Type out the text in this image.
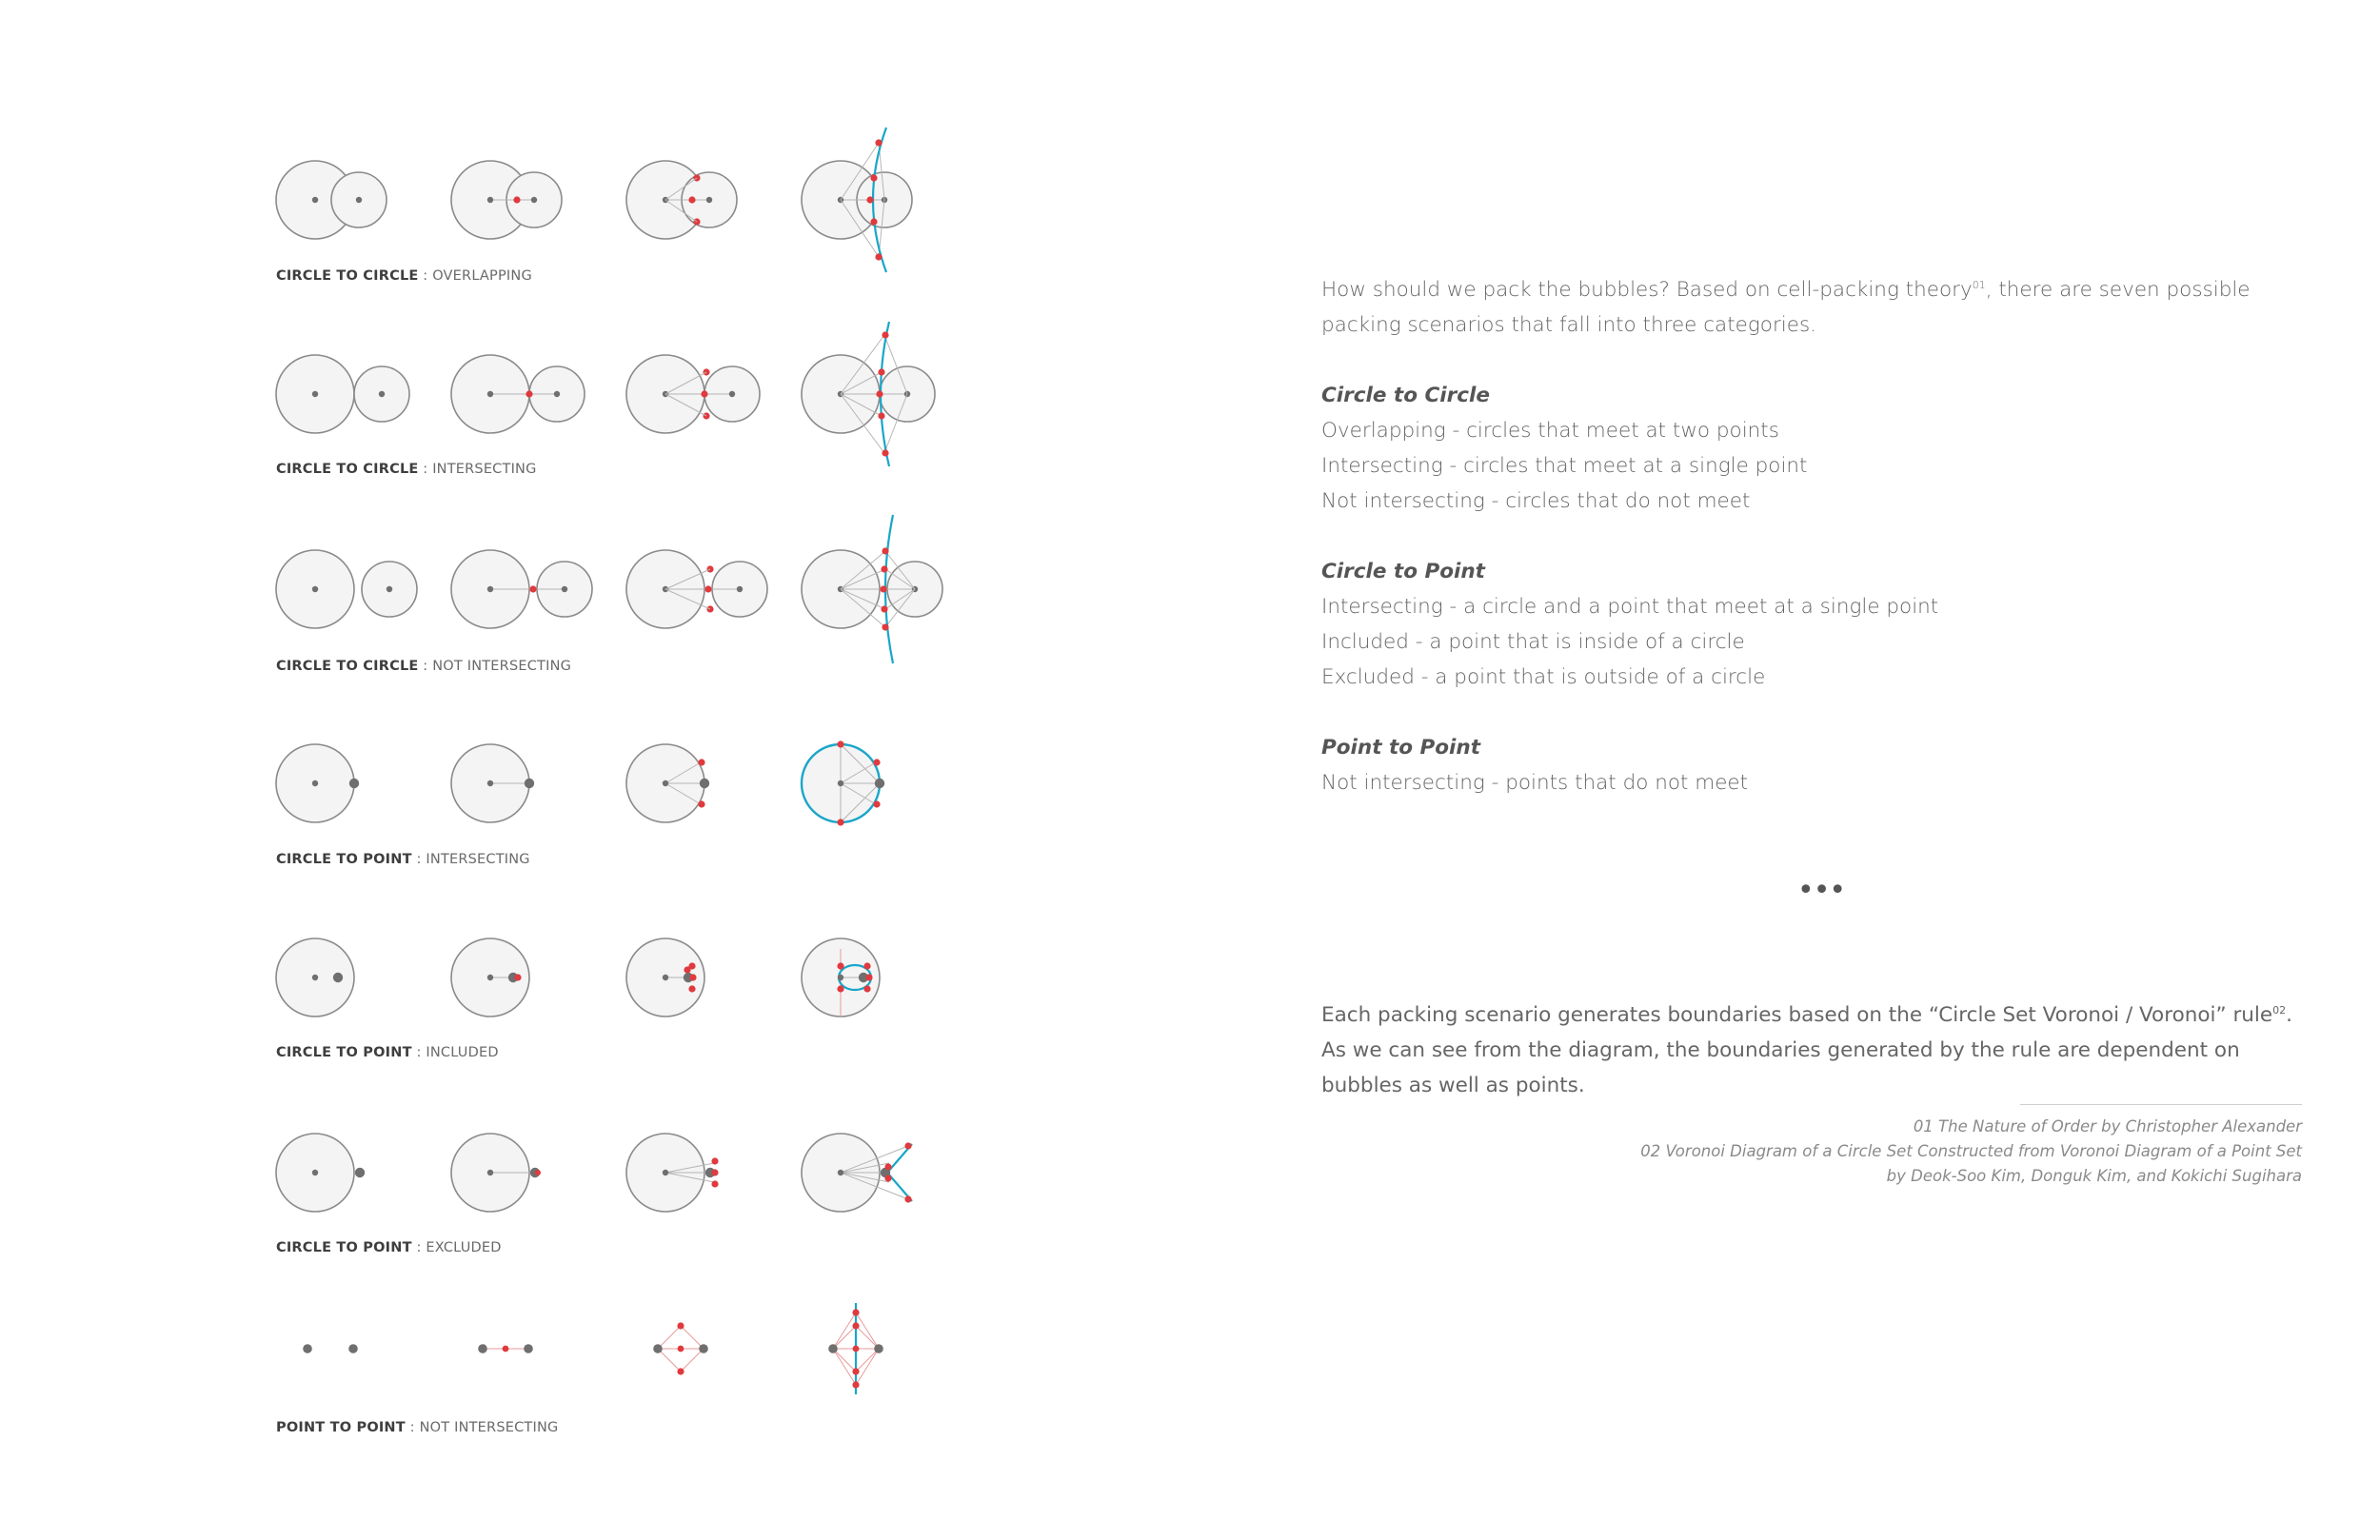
CIRCLE TO CIRCLE : OVERLAPPING
CIRCLE TO CIRCLE : INTERSECTING
CIRCLE TO CIRCLE : NOT INTERSECTING
CIRCLE TO POINT : INTERSECTING
CIRCLE TO POINT : INCLUDED
CIRCLE TO POINT : EXCLUDED
POINT TO POINT : NOT INTERSECTING

How should we pack the bubbles? Based on cell-packing theory$^{01}$, there are seven possible packing scenarios that fall into three categories.

Circle to Circle

Overlapping - circles that meet at two points

Intersecting - circles that meet at a single point

Not intersecting - circles that do not meet

Circle to Point

Intersecting - a circle and a point that meet at a single point

Included - a point that is inside of a circle

Excluded - a point that is outside of a circle

Point to Point

Not intersecting - points that do not meet

•••

Each packing scenario generates boundaries based on the “Circle Set Voronoi / Voronoi” rule$^{02}$. As we can see from the diagram, the boundaries generated by the rule are dependent on bubbles as well as points.

01 The Nature of Order by Christopher Alexander

02 Voronoi Diagram of a Circle Set Constructed from Voronoi Diagram of a Point Set

by Deok-Soo Kim, Donguk Kim, and Kokichi Sugihara
